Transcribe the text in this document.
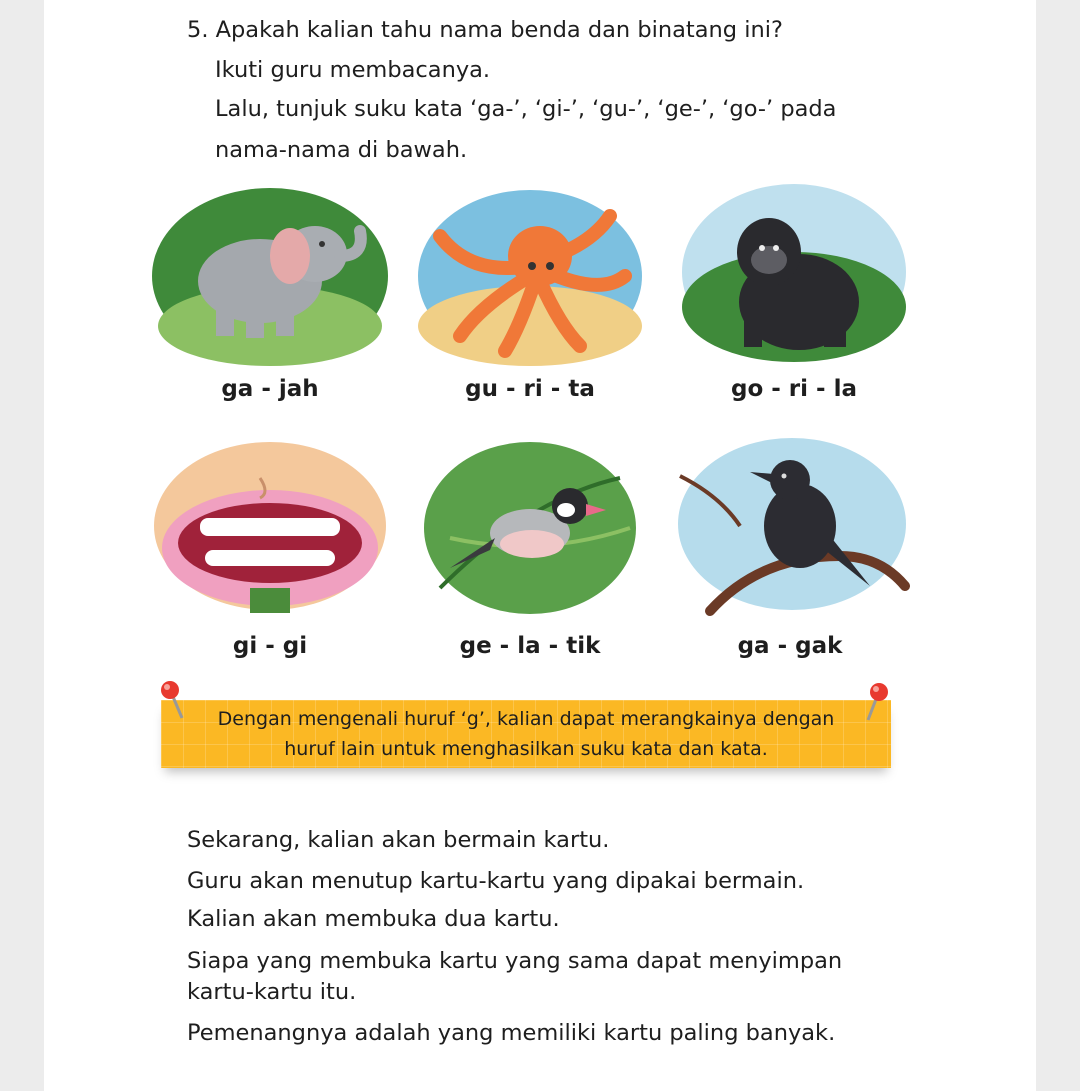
5. Apakah kalian tahu nama benda dan binatang ini?
Ikuti guru membacanya.
Lalu, tunjuk suku kata ‘ga-’, ‘gi-’, ‘gu-’, ‘ge-’, ‘go-’ pada
nama-nama di bawah.
ga - jah	gu - ri - ta	go - ri - la
gi - gi	ge - la - tik	ga - gak
Dengan mengenali huruf ‘g’, kalian dapat merangkainya dengan
huruf lain untuk menghasilkan suku kata dan kata.
Sekarang, kalian akan bermain kartu.
Guru akan menutup kartu-kartu yang dipakai bermain.
Kalian akan membuka dua kartu.
Siapa yang membuka kartu yang sama dapat menyimpan
kartu-kartu itu.
Pemenangnya adalah yang memiliki kartu paling banyak.
